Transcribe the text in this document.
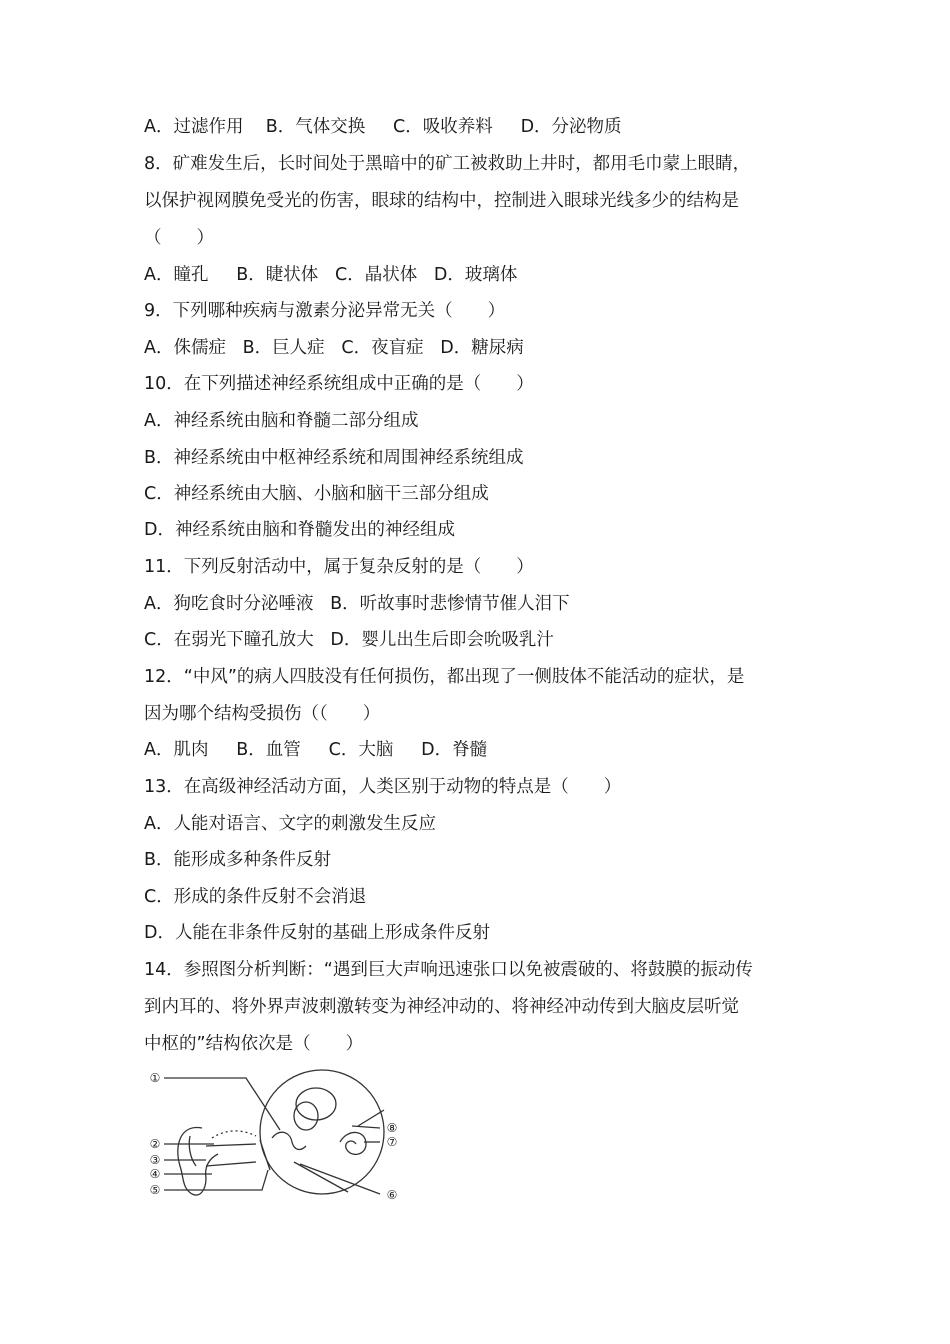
A．过滤作用    B．气体交换     C．吸收养料     D．分泌物质
8．矿难发生后，长时间处于黑暗中的矿工被救助上井时，都用毛巾蒙上眼睛，
以保护视网膜免受光的伤害，眼球的结构中，控制进入眼球光线多少的结构是
（　　）
A．瞳孔     B．睫状体   C．晶状体   D．玻璃体
9．下列哪种疾病与激素分泌异常无关（　　）
A．侏儒症   B．巨人症   C．夜盲症   D．糖尿病
10．在下列描述神经系统组成中正确的是（　　）
A．神经系统由脑和脊髓二部分组成
B．神经系统由中枢神经系统和周围神经系统组成
C．神经系统由大脑、小脑和脑干三部分组成
D．神经系统由脑和脊髓发出的神经组成
11．下列反射活动中，属于复杂反射的是（　　）
A．狗吃食时分泌唾液   B．听故事时悲惨情节催人泪下
C．在弱光下瞳孔放大   D．婴儿出生后即会吮吸乳汁
12．“中风”的病人四肢没有任何损伤，都出现了一侧肢体不能活动的症状，是
因为哪个结构受损伤（（　　）
A．肌肉     B．血管     C．大脑     D．脊髓
13．在高级神经活动方面，人类区别于动物的特点是（　　）
A．人能对语言、文字的刺激发生反应
B．能形成多种条件反射
C．形成的条件反射不会消退
D．人能在非条件反射的基础上形成条件反射
14．参照图分析判断：“遇到巨大声响迅速张口以免被震破的、将鼓膜的振动传
到内耳的、将外界声波刺激转变为神经冲动的、将神经冲动传到大脑皮层听觉
中枢的”结构依次是（　　）
①
②
③
④
⑤	⑥
⑦
⑧
